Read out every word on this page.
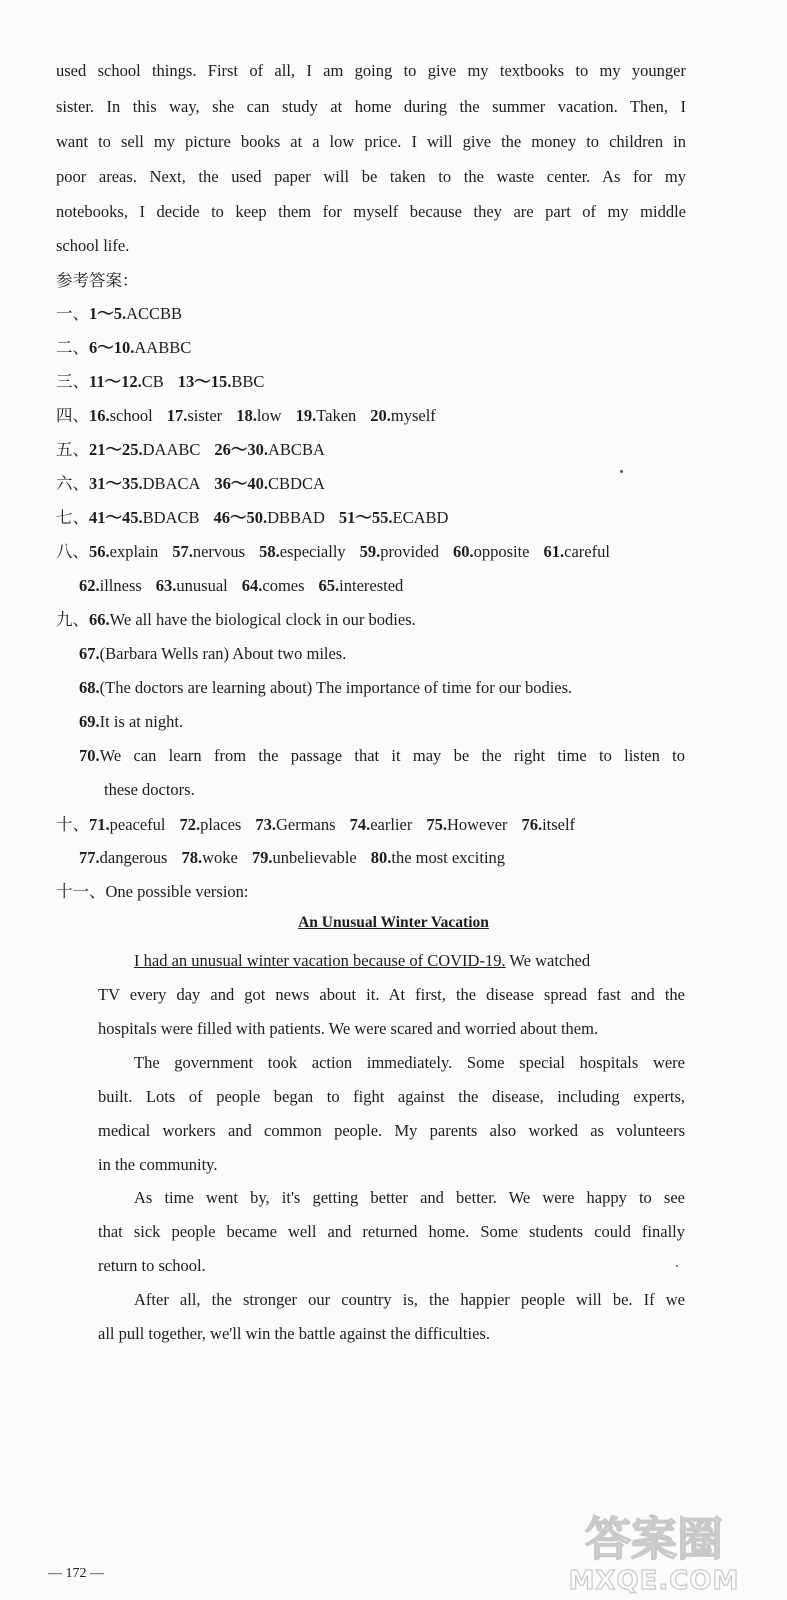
used school things. First of all, I am going to give my textbooks to my younger
sister. In this way, she can study at home during the summer vacation. Then, I
want to sell my picture books at a low price. I will give the money to children in
poor areas. Next, the used paper will be taken to the waste center. As for my
notebooks, I decide to keep them for myself because they are part of my middle
school life.
参考答案：
一、1～5.ACCBB
二、6～10.AABBC
三、11～12.CB 13～15.BBC
四、16.school 17.sister 18.low 19.Taken 20.myself
五、21～25.DAABC 26～30.ABCBA
六、31～35.DBACA 36～40.CBDCA
七、41～45.BDACB 46～50.DBBAD 51～55.ECABD
八、56.explain 57.nervous 58.especially 59.provided 60.opposite 61.careful
62.illness 63.unusual 64.comes 65.interested
九、66.We all have the biological clock in our bodies.
67.(Barbara Wells ran) About two miles.
68.(The doctors are learning about) The importance of time for our bodies.
69.It is at night.
70.We can learn from the passage that it may be the right time to listen to
these doctors.
十、71.peaceful 72.places 73.Germans 74.earlier 75.However 76.itself
77.dangerous 78.woke 79.unbelievable 80.the most exciting
十一、One possible version:
An Unusual Winter Vacation
I had an unusual winter vacation because of COVID-19. We watched
TV every day and got news about it. At first, the disease spread fast and the
hospitals were filled with patients. We were scared and worried about them.
The government took action immediately. Some special hospitals were
built. Lots of people began to fight against the disease, including experts,
medical workers and common people. My parents also worked as volunteers
in the community.
As time went by, it's getting better and better. We were happy to see
that sick people became well and returned home. Some students could finally
return to school.
After all, the stronger our country is, the happier people will be. If we
all pull together, we'll win the battle against the difficulties.
— 172 —
答案圈
MXQE.COM
